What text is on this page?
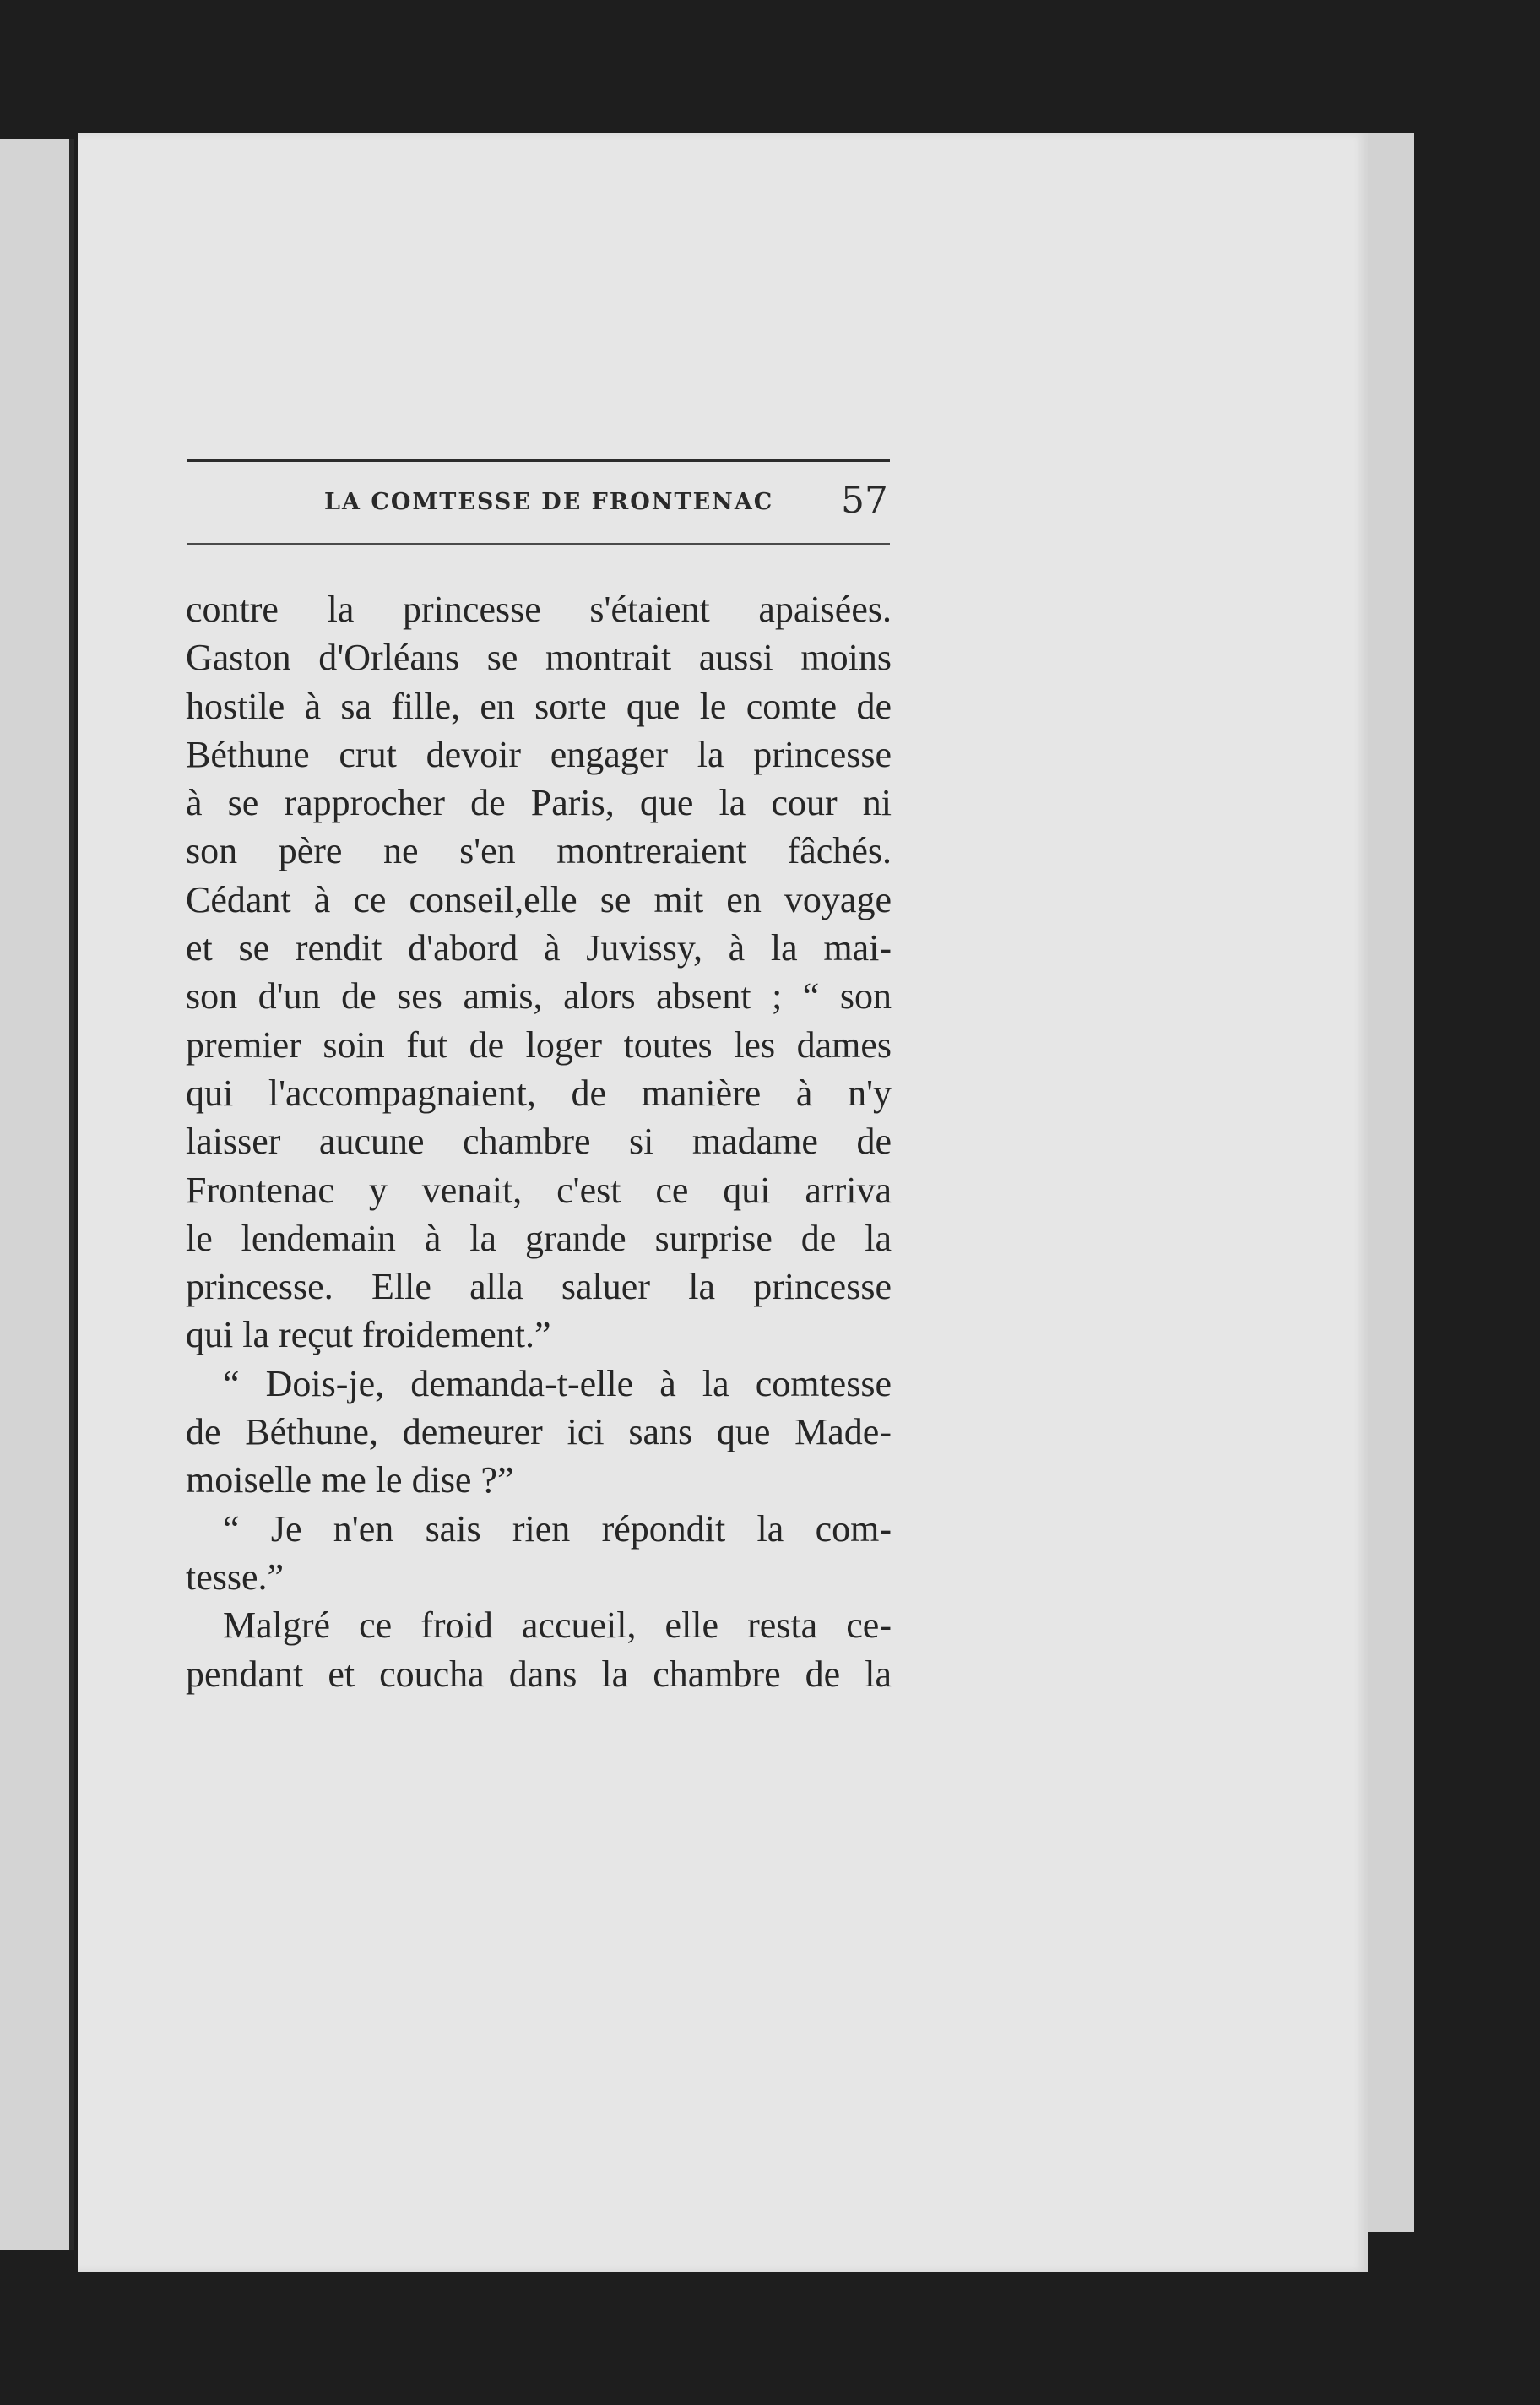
LA COMTESSE DE FRONTENAC 57
contre la princesse s'étaient apaisées.
Gaston d'Orléans se montrait aussi moins
hostile à sa fille, en sorte que le comte de
Béthune crut devoir engager la princesse
à se rapprocher de Paris, que la cour ni
son père ne s'en montreraient fâchés.
Cédant à ce conseil,elle se mit en voyage
et se rendit d'abord à Juvissy, à la mai-
son d'un de ses amis, alors absent ; “ son
premier soin fut de loger toutes les dames
qui l'accompagnaient, de manière à n'y
laisser aucune chambre si madame de
Frontenac y venait, c'est ce qui arriva
le lendemain à la grande surprise de la
princesse. Elle alla saluer la princesse
qui la reçut froidement.”
“ Dois-je, demanda-t-elle à la comtesse
de Béthune, demeurer ici sans que Made-
moiselle me le dise ?”
“ Je n'en sais rien répondit la com-
tesse.”
Malgré ce froid accueil, elle resta ce-
pendant et coucha dans la chambre de la
